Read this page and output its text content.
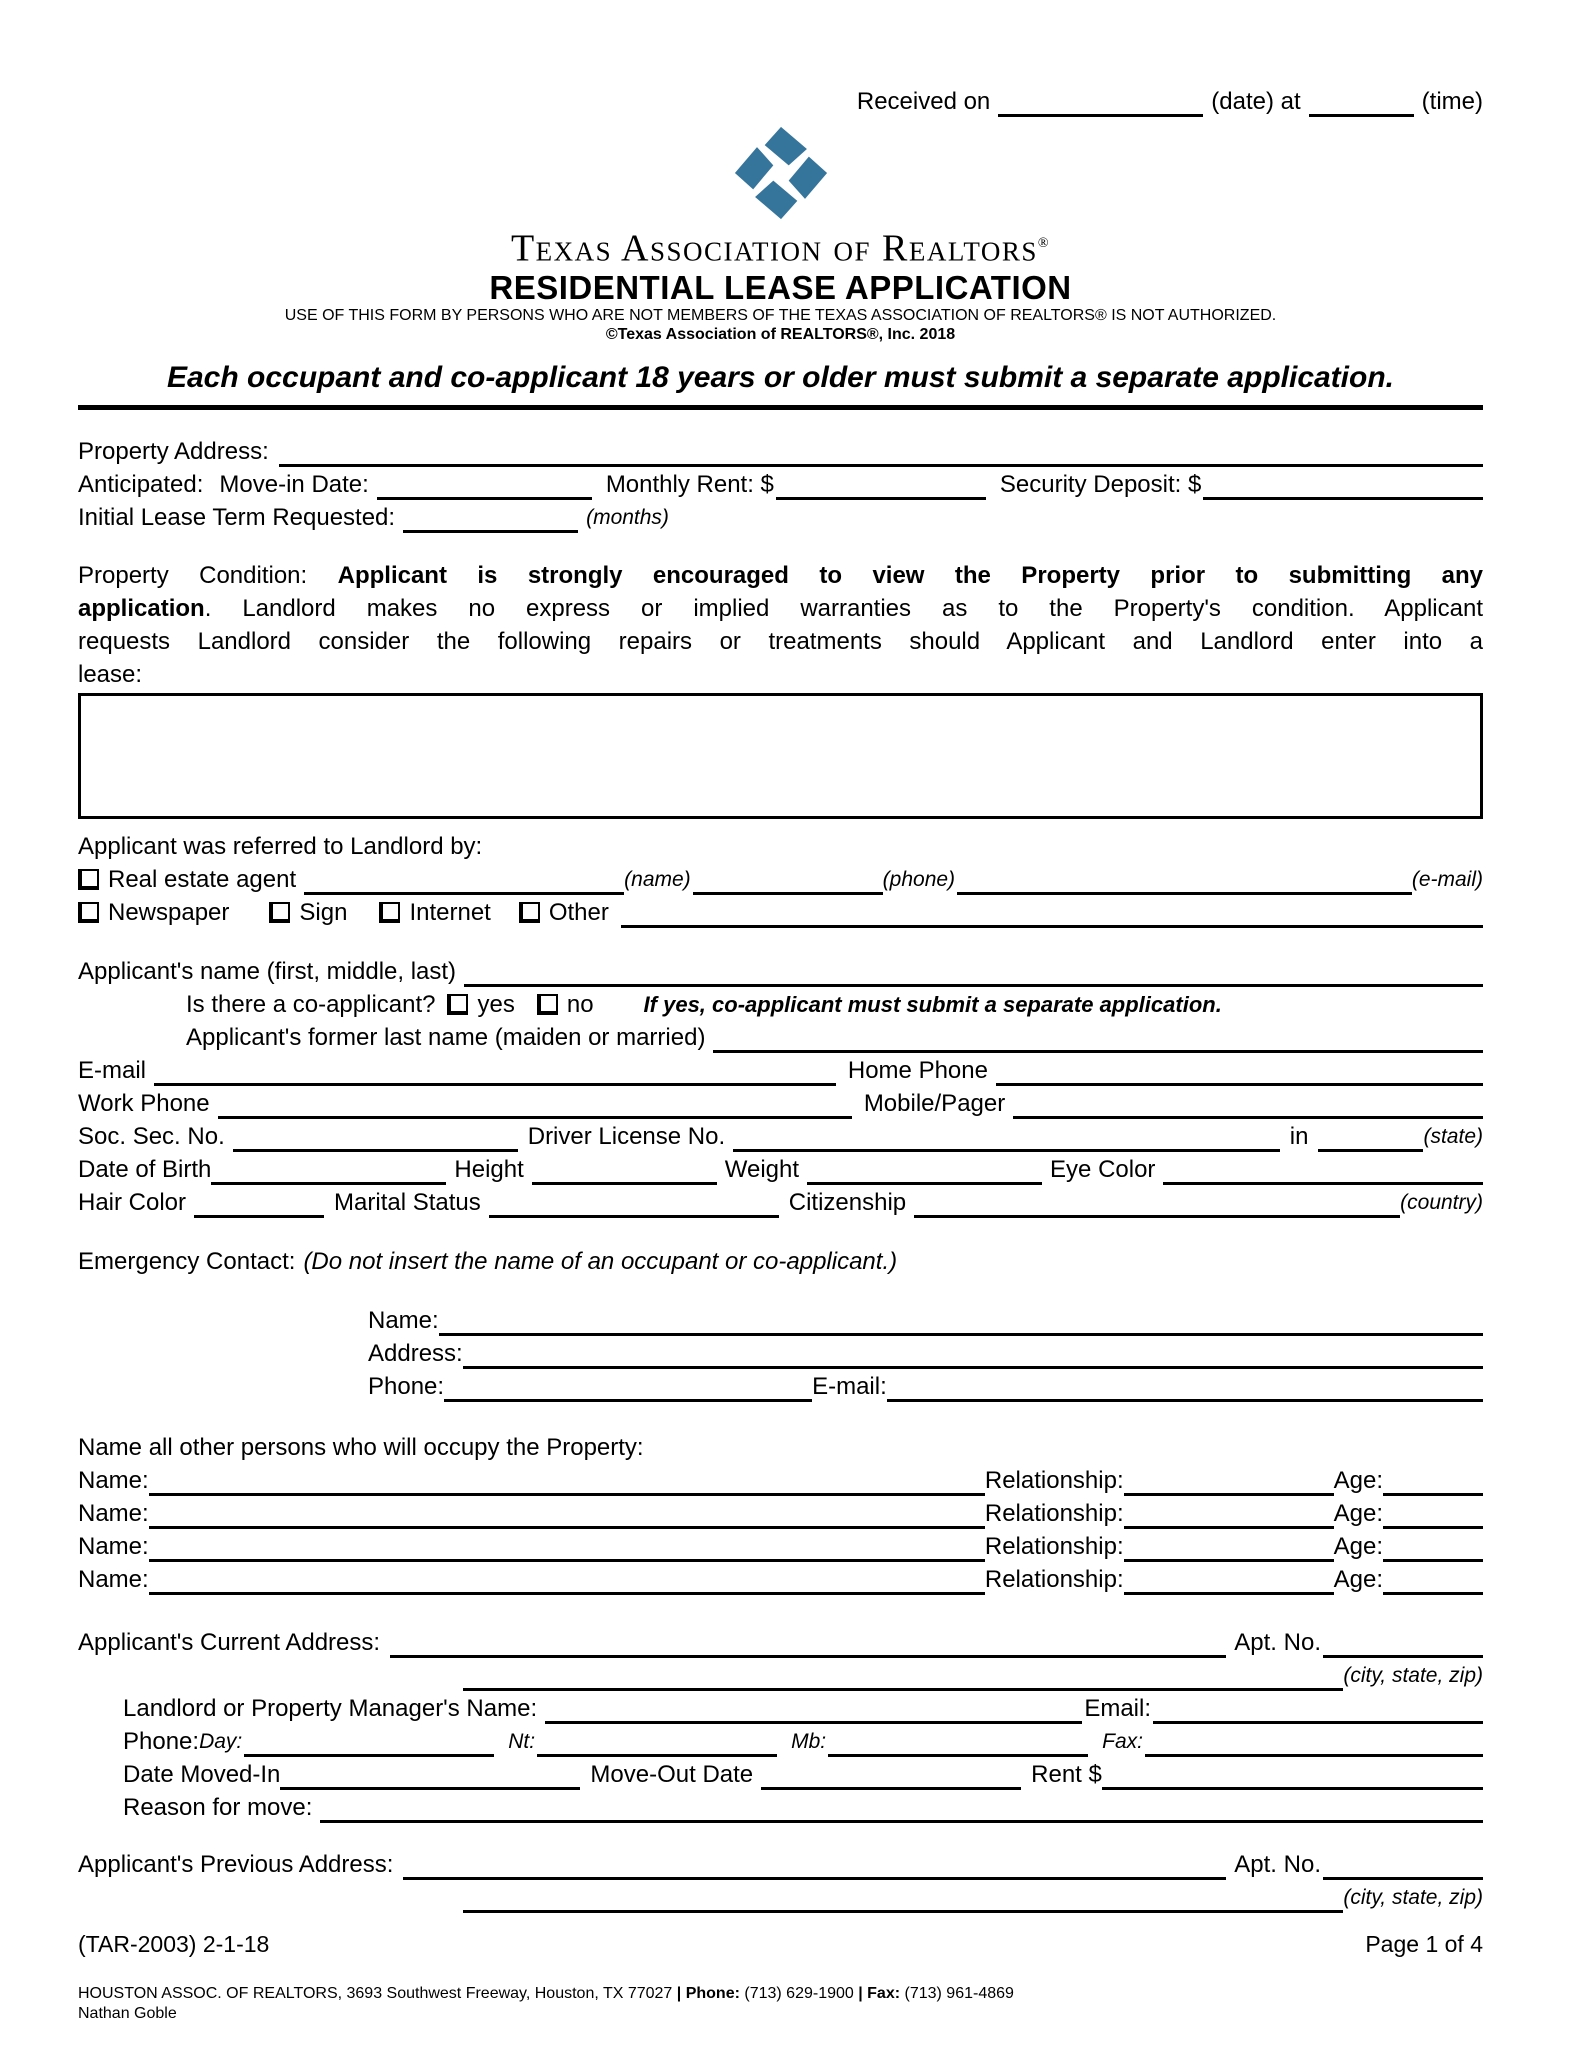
Received on	(date) at	(time)
Texas Association of Realtors®
RESIDENTIAL LEASE APPLICATION
USE OF THIS FORM BY PERSONS WHO ARE NOT MEMBERS OF THE TEXAS ASSOCIATION OF REALTORS® IS NOT AUTHORIZED.
©Texas Association of REALTORS®, Inc. 2018
Each occupant and co-applicant 18 years or older must submit a separate application.
Property Address:
Anticipated: Move-in Date:	Monthly Rent: $	Security Deposit: $
Initial Lease Term Requested:	(months)
Property Condition: Applicant is strongly encouraged to view the Property prior to submitting any
application. Landlord makes no express or implied warranties as to the Property's condition. Applicant
requests Landlord consider the following repairs or treatments should Applicant and Landlord enter into a
lease:
Applicant was referred to Landlord by:
Real estate agent	(name)	(phone)	(e-mail)
Newspaper	Sign	Internet Other
Applicant's name (first, middle, last)
Is there a co-applicant? yes no If yes, co-applicant must submit a separate application.
Applicant's former last name (maiden or married)
E-mail	Home Phone
Work Phone	Mobile/Pager
Soc. Sec. No.	Driver License No.	in	(state)
Date of Birth	Height	Weight	Eye Color
Hair Color	Marital Status	Citizenship	(country)
Emergency Contact: (Do not insert the name of an occupant or co-applicant.)
Name:
Address:
Phone:	E-mail:
Name all other persons who will occupy the Property:
Name:	Relationship:	Age:
Name:	Relationship:	Age:
Name:	Relationship:	Age:
Name:	Relationship:	Age:
Applicant's Current Address:	Apt. No.
(city, state, zip)
Landlord or Property Manager's Name:	Email:
Phone: Day:	Nt:	Mb:	Fax:
Date Moved-In	Move-Out Date	Rent $
Reason for move:
Applicant's Previous Address:	Apt. No.
(city, state, zip)
(TAR-2003) 2-1-18	Page 1 of 4
HOUSTON ASSOC. OF REALTORS, 3693 Southwest Freeway, Houston, TX 77027 | Phone: (713) 629-1900 | Fax: (713) 961-4869
Nathan Goble
